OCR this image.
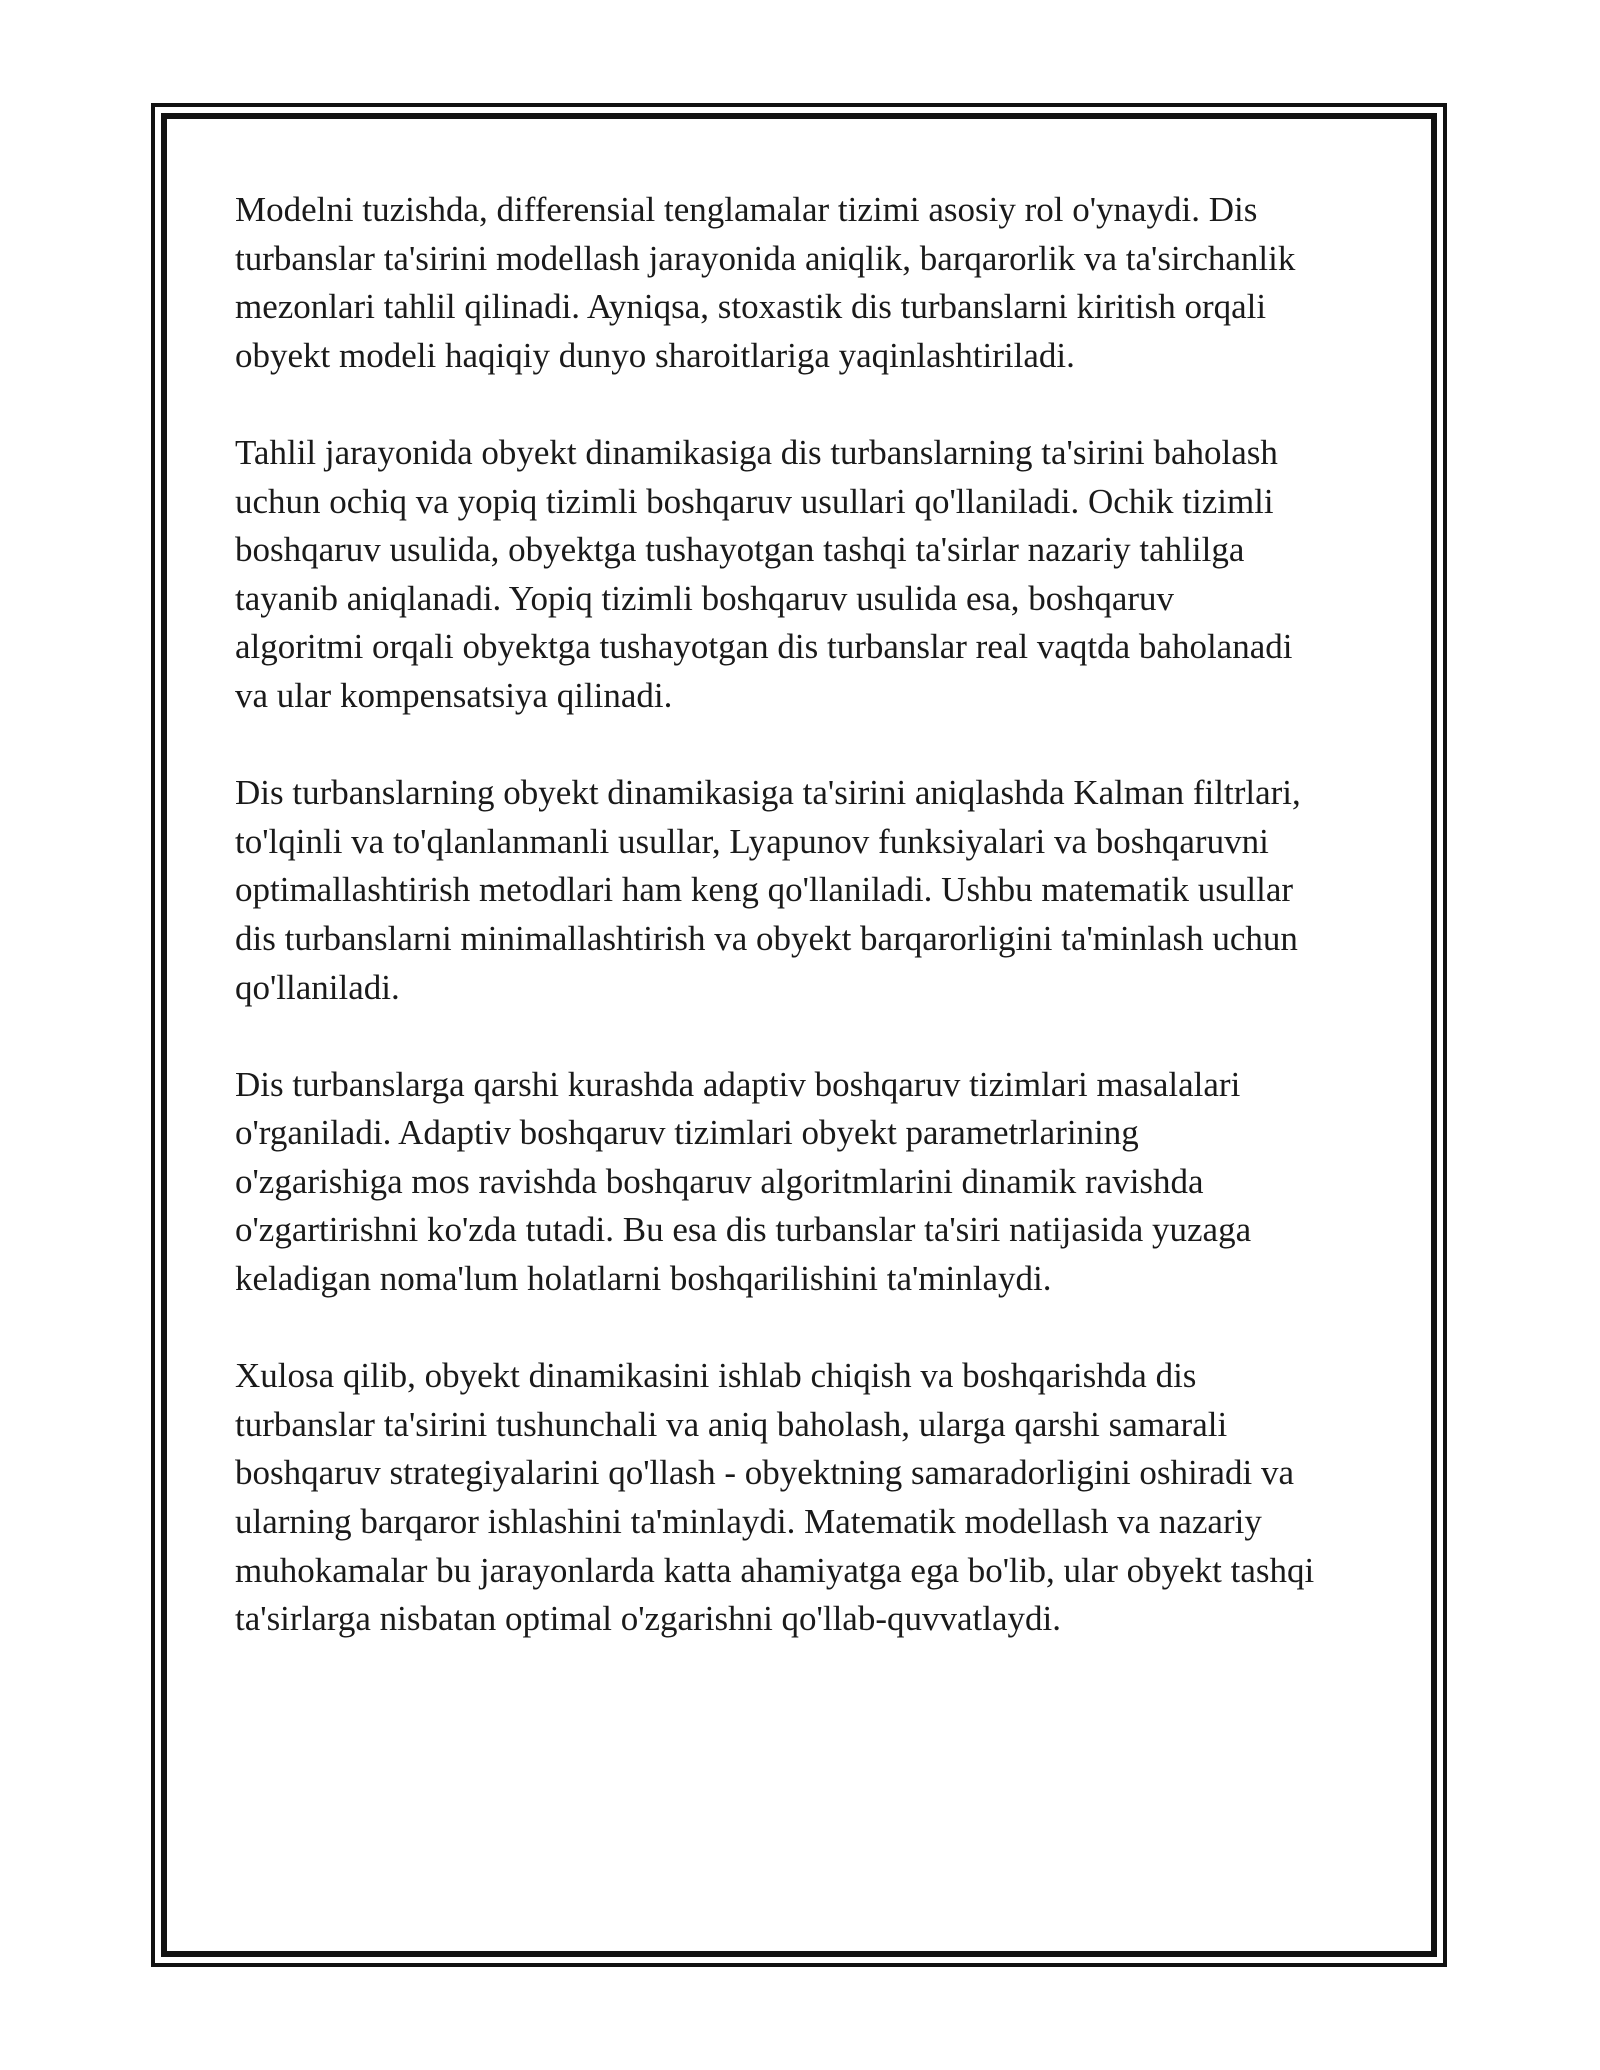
Modelni tuzishda, differensial tenglamalar tizimi asosiy rol o'ynaydi. Dis
turbanslar ta'sirini modellash jarayonida aniqlik, barqarorlik va ta'sirchanlik
mezonlari tahlil qilinadi. Ayniqsa, stoxastik dis turbanslarni kiritish orqali
obyekt modeli haqiqiy dunyo sharoitlariga yaqinlashtiriladi.

Tahlil jarayonida obyekt dinamikasiga dis turbanslarning ta'sirini baholash
uchun ochiq va yopiq tizimli boshqaruv usullari qo'llaniladi. Ochik tizimli
boshqaruv usulida, obyektga tushayotgan tashqi ta'sirlar nazariy tahlilga
tayanib aniqlanadi. Yopiq tizimli boshqaruv usulida esa, boshqaruv
algoritmi orqali obyektga tushayotgan dis turbanslar real vaqtda baholanadi
va ular kompensatsiya qilinadi.

Dis turbanslarning obyekt dinamikasiga ta'sirini aniqlashda Kalman filtrlari,
to'lqinli va to'qlanlanmanli usullar, Lyapunov funksiyalari va boshqaruvni
optimallashtirish metodlari ham keng qo'llaniladi. Ushbu matematik usullar
dis turbanslarni minimallashtirish va obyekt barqarorligini ta'minlash uchun
qo'llaniladi.

Dis turbanslarga qarshi kurashda adaptiv boshqaruv tizimlari masalalari
o'rganiladi. Adaptiv boshqaruv tizimlari obyekt parametrlarining
o'zgarishiga mos ravishda boshqaruv algoritmlarini dinamik ravishda
o'zgartirishni ko'zda tutadi. Bu esa dis turbanslar ta'siri natijasida yuzaga
keladigan noma'lum holatlarni boshqarilishini ta'minlaydi.

Xulosa qilib, obyekt dinamikasini ishlab chiqish va boshqarishda dis
turbanslar ta'sirini tushunchali va aniq baholash, ularga qarshi samarali
boshqaruv strategiyalarini qo'llash - obyektning samaradorligini oshiradi va
ularning barqaror ishlashini ta'minlaydi. Matematik modellash va nazariy
muhokamalar bu jarayonlarda katta ahamiyatga ega bo'lib, ular obyekt tashqi
ta'sirlarga nisbatan optimal o'zgarishni qo'llab-quvvatlaydi.
